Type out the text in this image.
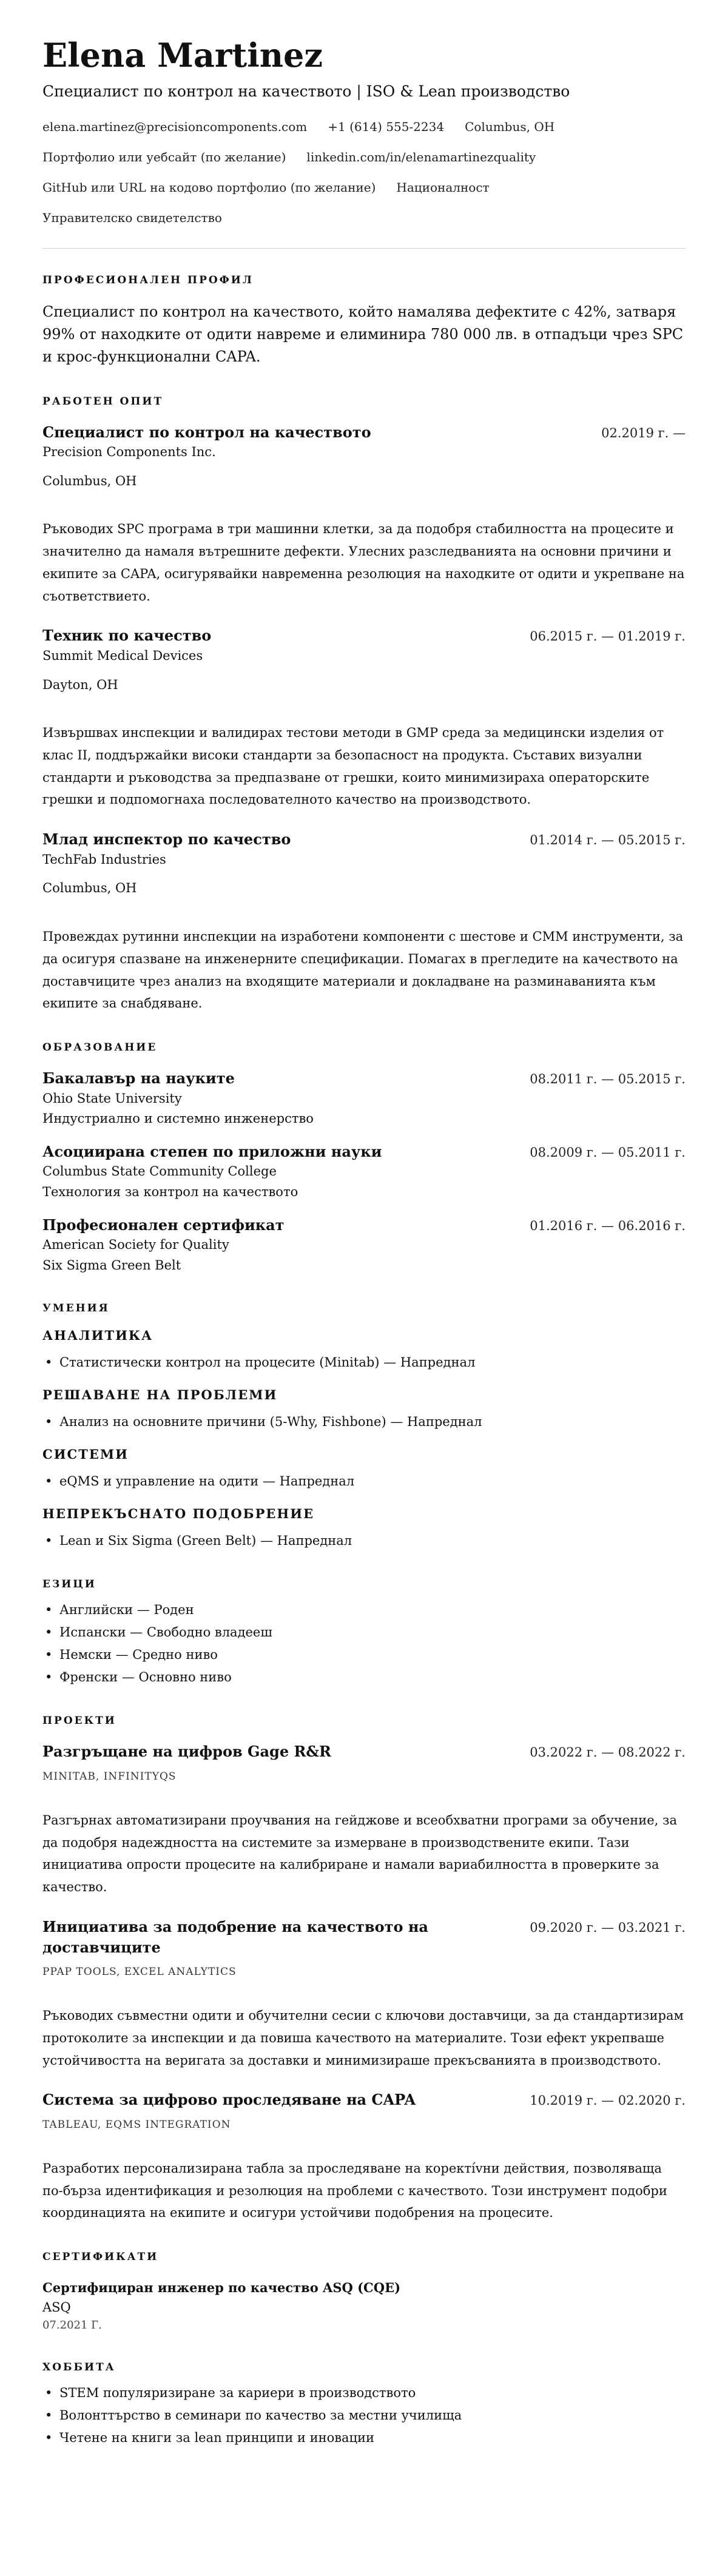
Elena Martinez
Специалист по контрол на качеството | ISO & Lean производство
elena.martinez@precisioncomponents.com +1 (614) 555-2234 Columbus, OH
Портфолио или уебсайт (по желание) linkedin.com/in/elenamartinezquality
GitHub или URL на кодово портфолио (по желание) Националност
Управителско свидетелство
ПРОФЕСИОНАЛЕН ПРОФИЛ

Специалист по контрол на качеството, който намалява дефектите с 42%, затваря 99% от находките от одити навреме и елиминира 780 000 лв. в отпадъци чрез SPC и крос-функционални CAPA.

РАБОТЕН ОПИТ
Специалист по контрол на качеството	02.2019 г. —
Precision Components Inc.
Columbus, OH

Ръководих SPC програма в три машинни клетки, за да подобря стабилността на процесите и значително да намаля вътрешните дефекти. Улесних разследванията на основни причини и екипите за CAPA, осигурявайки навременна резолюция на находките от одити и укрепване на съответствието.

Техник по качество	06.2015 г. — 01.2019 г.
Summit Medical Devices
Dayton, OH

Извършвах инспекции и валидирах тестови методи в GMP среда за медицински изделия от клас II, поддържайки високи стандарти за безопасност на продукта. Съставих визуални стандарти и ръководства за предпазване от грешки, които минимизираха операторските грешки и подпомогнаха последователното качество на производството.

Млад инспектор по качество	01.2014 г. — 05.2015 г.
TechFab Industries
Columbus, OH

Провеждах рутинни инспекции на изработени компоненти с шестове и CMM инструменти, за да осигуря спазване на инженерните спецификации. Помагах в прегледите на качеството на доставчиците чрез анализ на входящите материали и докладване на разминаванията към екипите за снабдяване.

ОБРАЗОВАНИЕ
Бакалавър на науките	08.2011 г. — 05.2015 г.
Ohio State University
Индустриално и системно инженерство
Асоциирана степен по приложни науки	08.2009 г. — 05.2011 г.
Columbus State Community College
Технология за контрол на качеството
Професионален сертификат	01.2016 г. — 06.2016 г.
American Society for Quality
Six Sigma Green Belt
УМЕНИЯ
АНАЛИТИКА
• Статистически контрол на процесите (Minitab) — Напреднал
РЕШАВАНЕ НА ПРОБЛЕМИ
• Анализ на основните причини (5-Why, Fishbone) — Напреднал
СИСТЕМИ
• eQMS и управление на одити — Напреднал
НЕПРЕКЪСНАТО ПОДОБРЕНИЕ
• Lean и Six Sigma (Green Belt) — Напреднал
ЕЗИЦИ
• Английски — Роден
• Испански — Свободно владееш
• Немски — Средно ниво
• Френски — Основно ниво
ПРОЕКТИ
Разгръщане на цифров Gage R&R	03.2022 г. — 08.2022 г.
MINITAB, INFINITYQS

Разгърнах автоматизирани проучвания на гейджове и всеобхватни програми за обучение, за да подобря надеждността на системите за измерване в производствените екипи. Тази инициатива опрости процесите на калибриране и намали вариабилността в проверките за качество.

Инициатива за подобрение на качеството на доставчиците
09.2020 г. — 03.2021 г.
PPAP TOOLS, EXCEL ANALYTICS

Ръководих съвместни одити и обучителни сесии с ключови доставчици, за да стандартизирам протоколите за инспекции и да повиша качеството на материалите. Този ефект укрепваше устойчивостта на веригата за доставки и минимизираше прекъсванията в производството.

Система за цифрово проследяване на CAPA	10.2019 г. — 02.2020 г.
TABLEAU, EQMS INTEGRATION

Разработих персонализирана табла за проследяване на коректívни действия, позволяваща по-бърза идентификация и резолюция на проблеми с качеството. Този инструмент подобри координацията на екипите и осигури устойчиви подобрения на процесите.

СЕРТИФИКАТИ
Сертифициран инженер по качество ASQ (CQE)
ASQ
07.2021 Г.
ХОББИТА
• STEM популяризиране за кариери в производството
• Волонттърство в семинари по качество за местни училища
• Четене на книги за lean принципи и иновации
